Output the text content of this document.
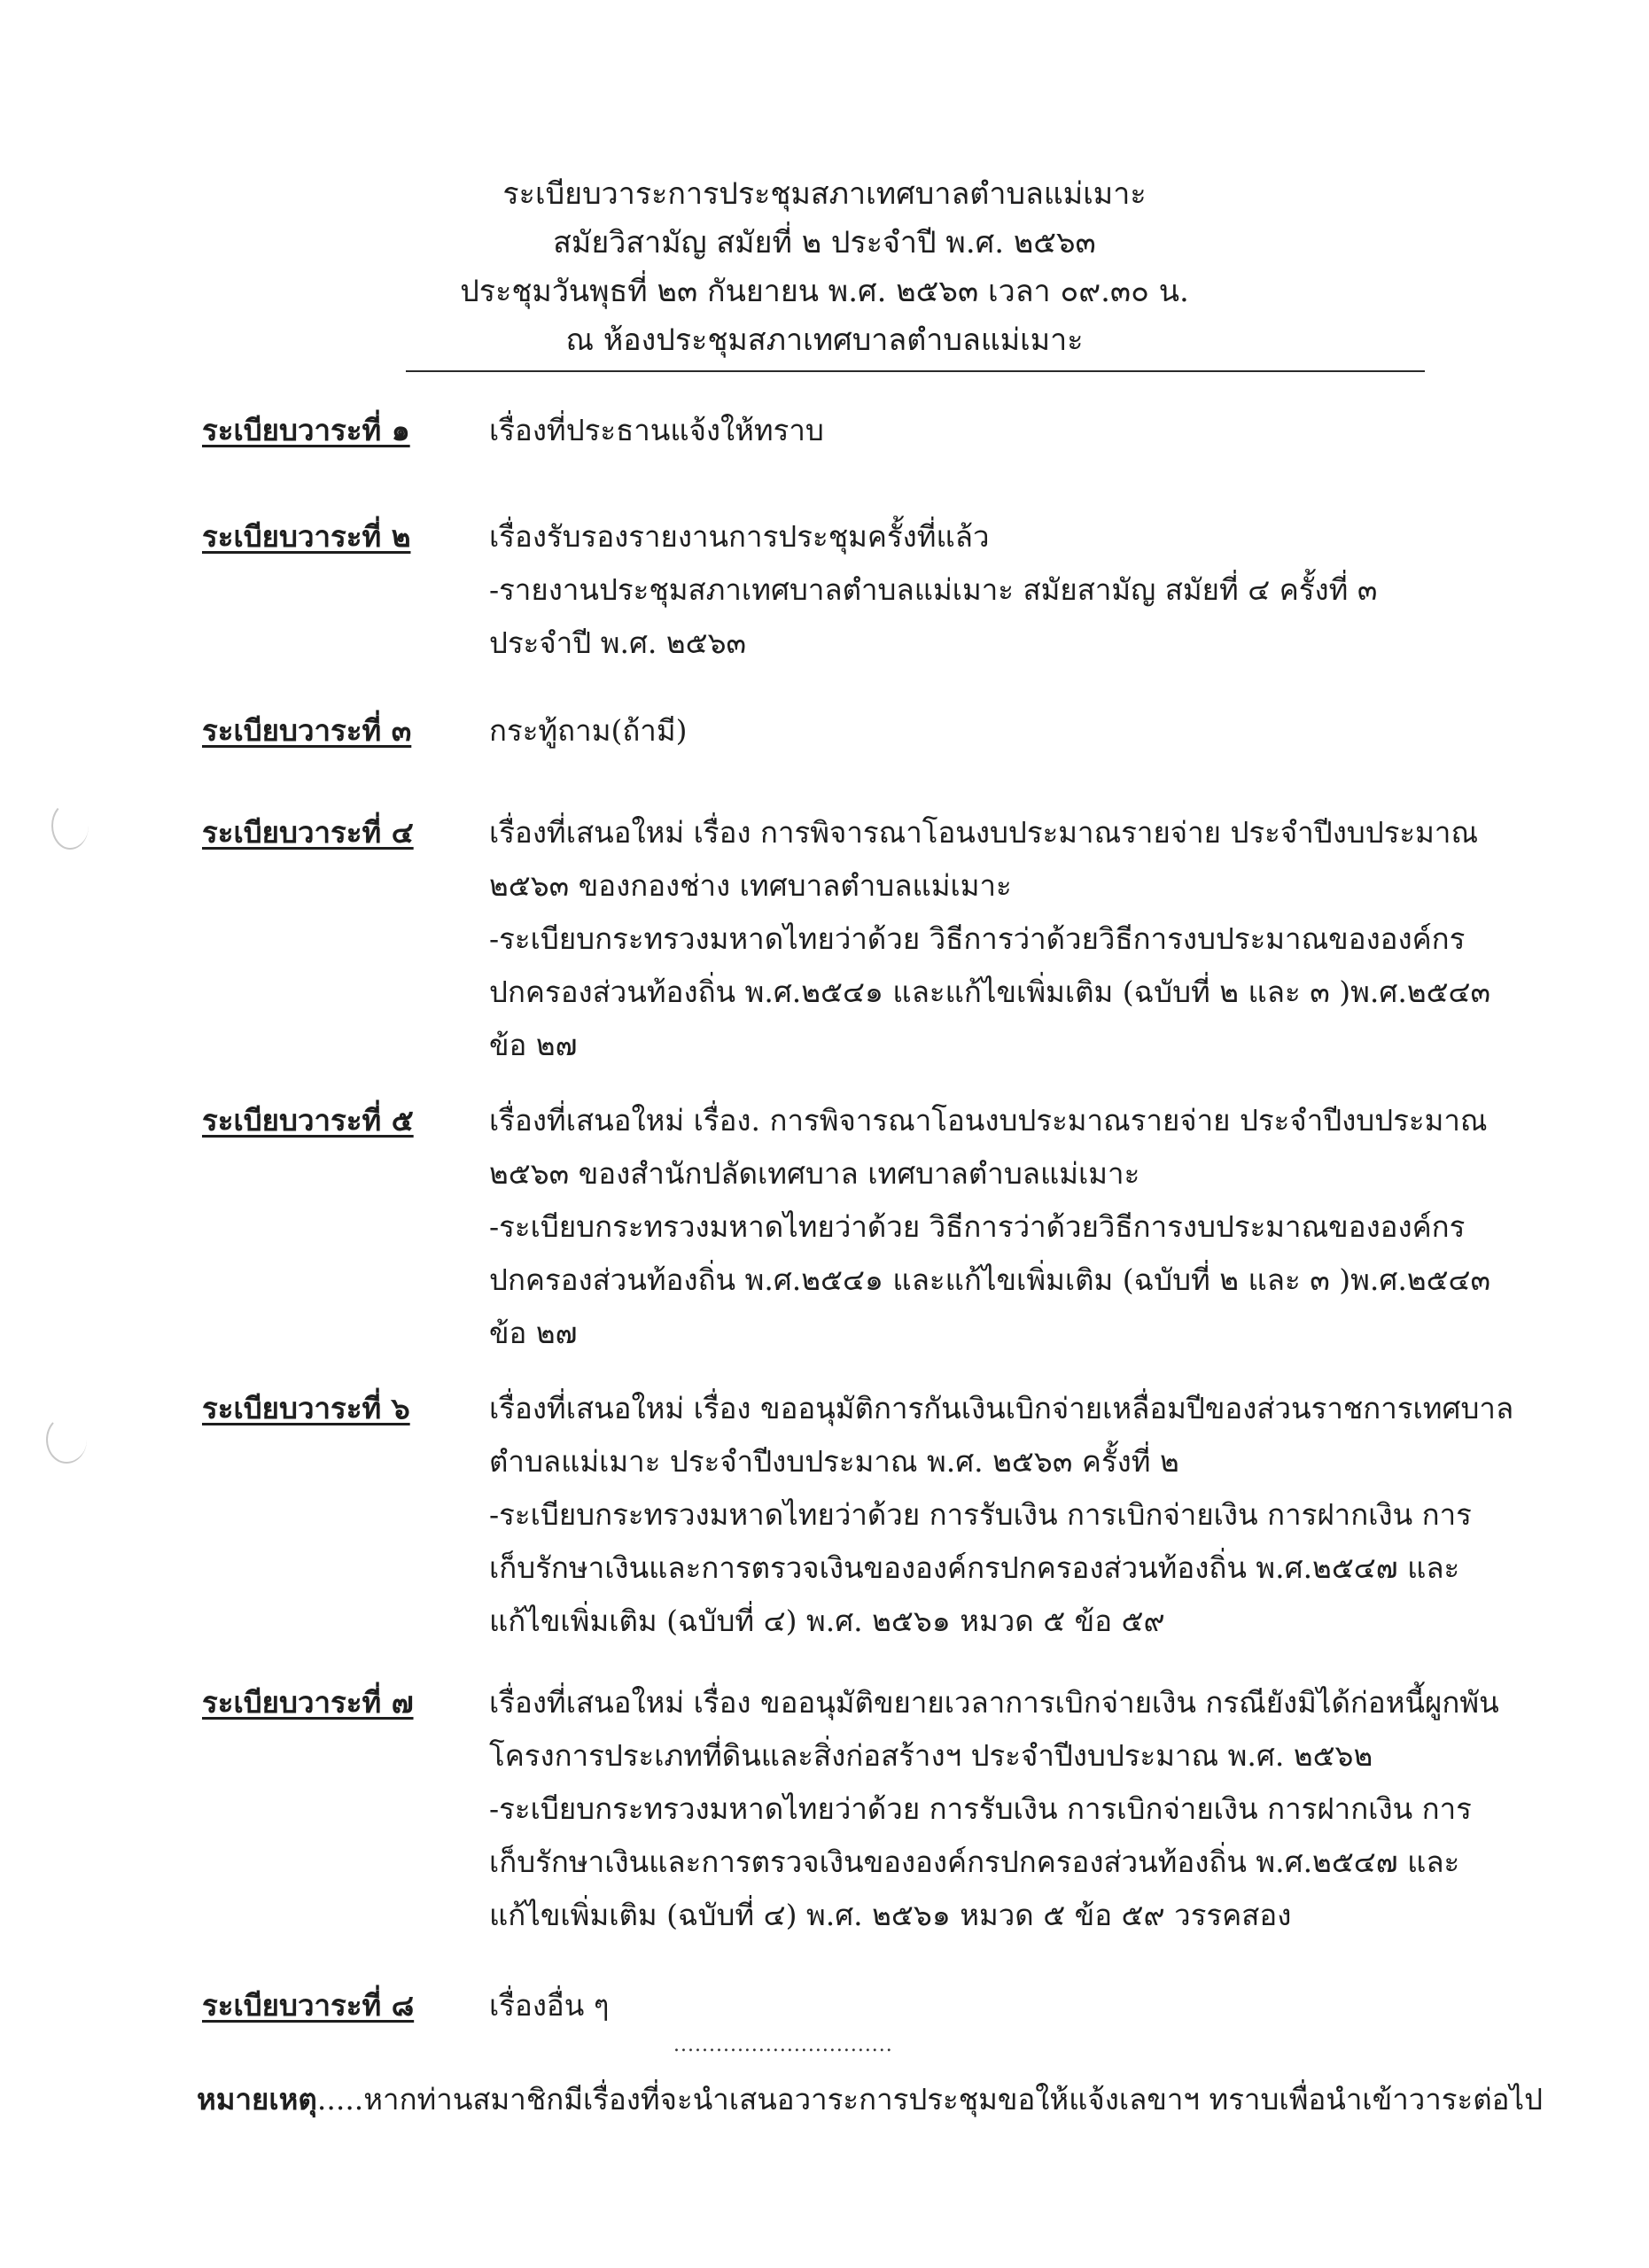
ระเบียบวาระการประชุมสภาเทศบาลตำบลแม่เมาะ
สมัยวิสามัญ สมัยที่ ๒ ประจำปี พ.ศ. ๒๕๖๓
ประชุมวันพุธที่ ๒๓ กันยายน พ.ศ. ๒๕๖๓ เวลา ๐๙.๓๐ น.
ณ ห้องประชุมสภาเทศบาลตำบลแม่เมาะ
ระเบียบวาระที่ ๑	เรื่องที่ประธานแจ้งให้ทราบ
ระเบียบวาระที่ ๒	เรื่องรับรองรายงานการประชุมครั้งที่แล้ว
-รายงานประชุมสภาเทศบาลตำบลแม่เมาะ สมัยสามัญ สมัยที่ ๔ ครั้งที่ ๓
ประจำปี พ.ศ. ๒๕๖๓
ระเบียบวาระที่ ๓	กระทู้ถาม(ถ้ามี)
ระเบียบวาระที่ ๔	เรื่องที่เสนอใหม่ เรื่อง การพิจารณาโอนงบประมาณรายจ่าย ประจำปีงบประมาณ
๒๕๖๓ ของกองช่าง เทศบาลตำบลแม่เมาะ
-ระเบียบกระทรวงมหาดไทยว่าด้วย วิธีการว่าด้วยวิธีการงบประมาณขององค์กร
ปกครองส่วนท้องถิ่น พ.ศ.๒๕๔๑ และแก้ไขเพิ่มเติม (ฉบับที่ ๒ และ ๓ )พ.ศ.๒๕๔๓
ข้อ ๒๗
ระเบียบวาระที่ ๕	เรื่องที่เสนอใหม่ เรื่อง. การพิจารณาโอนงบประมาณรายจ่าย ประจำปีงบประมาณ
๒๕๖๓ ของสำนักปลัดเทศบาล เทศบาลตำบลแม่เมาะ
-ระเบียบกระทรวงมหาดไทยว่าด้วย วิธีการว่าด้วยวิธีการงบประมาณขององค์กร
ปกครองส่วนท้องถิ่น พ.ศ.๒๕๔๑ และแก้ไขเพิ่มเติม (ฉบับที่ ๒ และ ๓ )พ.ศ.๒๕๔๓
ข้อ ๒๗
ระเบียบวาระที่ ๖	เรื่องที่เสนอใหม่ เรื่อง ขออนุมัติการกันเงินเบิกจ่ายเหลื่อมปีของส่วนราชการเทศบาล
ตำบลแม่เมาะ ประจำปีงบประมาณ พ.ศ. ๒๕๖๓ ครั้งที่ ๒
-ระเบียบกระทรวงมหาดไทยว่าด้วย การรับเงิน การเบิกจ่ายเงิน การฝากเงิน การ
เก็บรักษาเงินและการตรวจเงินขององค์กรปกครองส่วนท้องถิ่น พ.ศ.๒๕๔๗ และ
แก้ไขเพิ่มเติม (ฉบับที่ ๔) พ.ศ. ๒๕๖๑ หมวด ๕ ข้อ ๕๙
ระเบียบวาระที่ ๗	เรื่องที่เสนอใหม่ เรื่อง ขออนุมัติขยายเวลาการเบิกจ่ายเงิน กรณียังมิได้ก่อหนี้ผูกพัน
โครงการประเภทที่ดินและสิ่งก่อสร้างฯ ประจำปีงบประมาณ พ.ศ. ๒๕๖๒
-ระเบียบกระทรวงมหาดไทยว่าด้วย การรับเงิน การเบิกจ่ายเงิน การฝากเงิน การ
เก็บรักษาเงินและการตรวจเงินขององค์กรปกครองส่วนท้องถิ่น พ.ศ.๒๕๔๗ และ
แก้ไขเพิ่มเติม (ฉบับที่ ๔) พ.ศ. ๒๕๖๑ หมวด ๕ ข้อ ๕๙ วรรคสอง
ระเบียบวาระที่ ๘	เรื่องอื่น ๆ
...............................
หมายเหตุ.....หากท่านสมาชิกมีเรื่องที่จะนำเสนอวาระการประชุมขอให้แจ้งเลขาฯ ทราบเพื่อนำเข้าวาระต่อไป
